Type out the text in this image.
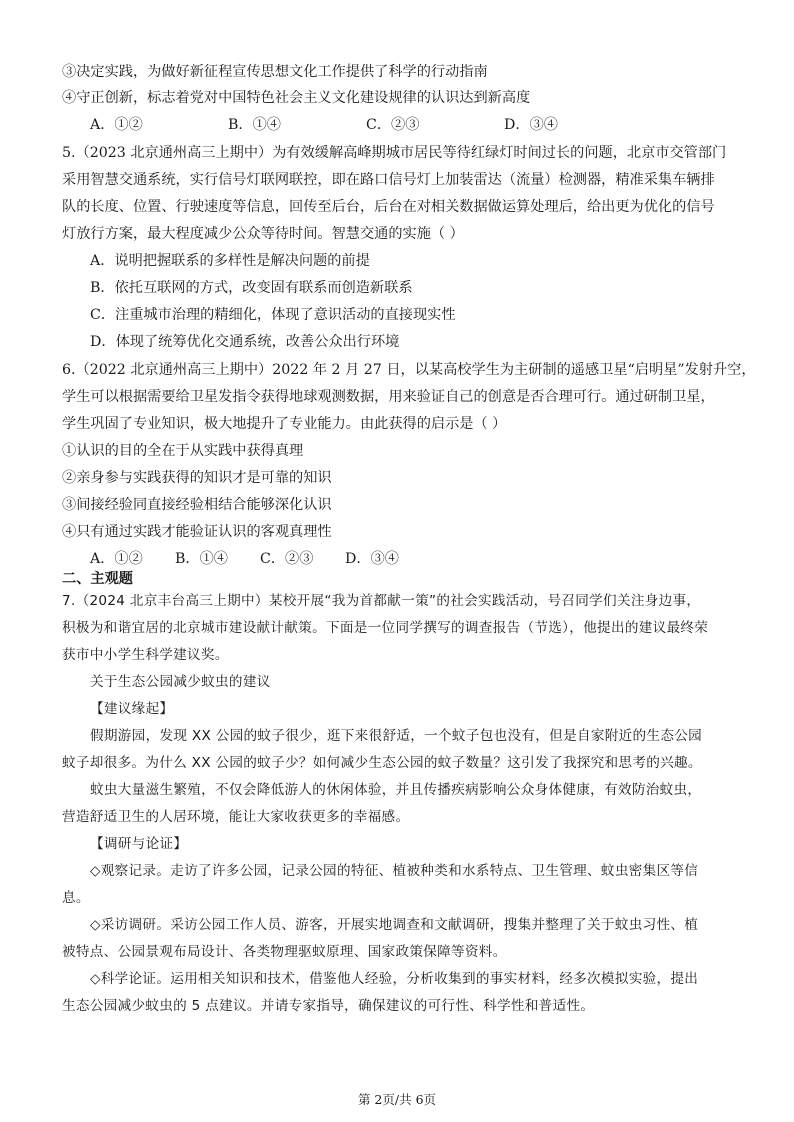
③决定实践，为做好新征程宣传思想文化工作提供了科学的行动指南
④守正创新，标志着党对中国特色社会主义文化建设规律的认识达到新高度
A．①②	B．①④	C．②③	D．③④
5.（2023 北京通州高三上期中）为有效缓解高峰期城市居民等待红绿灯时间过长的问题，北京市交管部门
采用智慧交通系统，实行信号灯联网联控，即在路口信号灯上加装雷达（流量）检测器，精准采集车辆排
队的长度、位置、行驶速度等信息，回传至后台，后台在对相关数据做运算处理后，给出更为优化的信号
灯放行方案，最大程度减少公众等待时间。智慧交通的实施（ ）
A．说明把握联系的多样性是解决问题的前提
B．依托互联网的方式，改变固有联系而创造新联系
C．注重城市治理的精细化，体现了意识活动的直接现实性
D．体现了统筹优化交通系统，改善公众出行环境
6.（2022 北京通州高三上期中）2022 年 2 月 27 日，以某高校学生为主研制的遥感卫星“启明星”发射升空，
学生可以根据需要给卫星发指令获得地球观测数据，用来验证自己的创意是否合理可行。通过研制卫星，
学生巩固了专业知识，极大地提升了专业能力。由此获得的启示是（ ）
①认识的目的全在于从实践中获得真理
②亲身参与实践获得的知识才是可靠的知识
③间接经验同直接经验相结合能够深化认识
④只有通过实践才能验证认识的客观真理性
A．①② B．①④ C．②③ D．③④
二、主观题
7.（2024 北京丰台高三上期中）某校开展“我为首都献一策”的社会实践活动，号召同学们关注身边事，
积极为和谐宜居的北京城市建设献计献策。下面是一位同学撰写的调查报告（节选），他提出的建议最终荣
获市中小学生科学建议奖。
关于生态公园减少蚊虫的建议
【建议缘起】
假期游园，发现 XX 公园的蚊子很少，逛下来很舒适，一个蚊子包也没有，但是自家附近的生态公园
蚊子却很多。为什么 XX 公园的蚊子少？如何减少生态公园的蚊子数量？这引发了我探究和思考的兴趣。
蚊虫大量滋生繁殖，不仅会降低游人的休闲体验，并且传播疾病影响公众身体健康，有效防治蚊虫，
营造舒适卫生的人居环境，能让大家收获更多的幸福感。
【调研与论证】
◇观察记录。走访了许多公园，记录公园的特征、植被种类和水系特点、卫生管理、蚊虫密集区等信
息。
◇采访调研。采访公园工作人员、游客，开展实地调查和文献调研，搜集并整理了关于蚊虫习性、植
被特点、公园景观布局设计、各类物理驱蚊原理、国家政策保障等资料。
◇科学论证。运用相关知识和技术，借鉴他人经验，分析收集到的事实材料，经多次模拟实验，提出
生态公园减少蚊虫的 5 点建议。并请专家指导，确保建议的可行性、科学性和普适性。
第 2页/共 6页
